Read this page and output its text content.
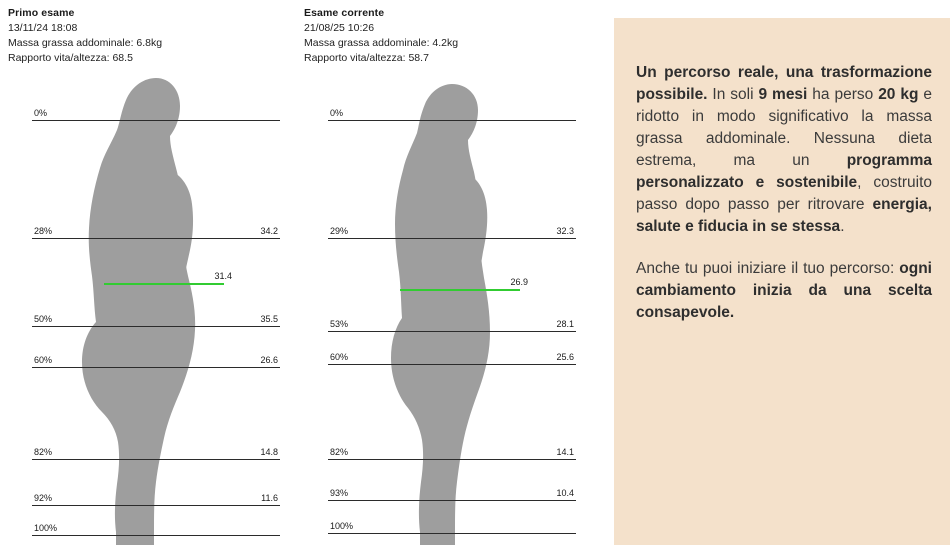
Primo esame
13/11/24 18:08
Massa grassa addominale: 6.8kg
Rapporto vita/altezza: 68.5
0%
28%	34.2
31.4
50%	35.5
60%	26.6
82%	14.8
92%	11.6
100%
Esame corrente
21/08/25 10:26
Massa grassa addominale: 4.2kg
Rapporto vita/altezza: 58.7
0%
29%	32.3
26.9
53%	28.1
60%	25.6
82%	14.1
93%	10.4
100%

Un percorso reale, una trasformazione possibile. In soli 9 mesi ha perso 20 kg e ridotto in modo significativo la massa grassa addominale. Nessuna dieta estrema, ma un programma personalizzato e sostenibile, costruito passo dopo passo per ritrovare energia, salute e fiducia in se stessa.

Anche tu puoi iniziare il tuo percorso: ogni cambiamento inizia da una scelta consapevole.
